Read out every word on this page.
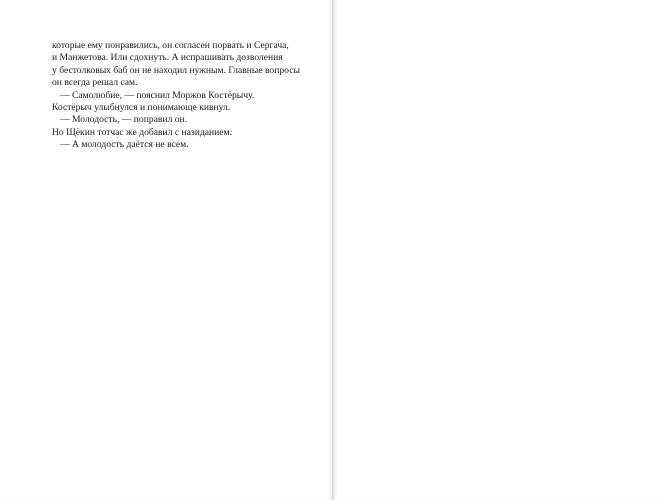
которые ему понравились, он согласен порвать и Сергача,
и Манжетова. Или сдохнуть. А испрашивать дозволения
у бестолковых баб он не находил нужным. Главные вопросы
он всегда решал сам.
— Самолюбие, — пояснил Моржов Костёрычу.
Костёрыч улыбнулся и понимающе кивнул.
— Молодость, — поправил он.
Но Щёкин тотчас же добавил с назиданием:
— А молодость даётся не всем.
